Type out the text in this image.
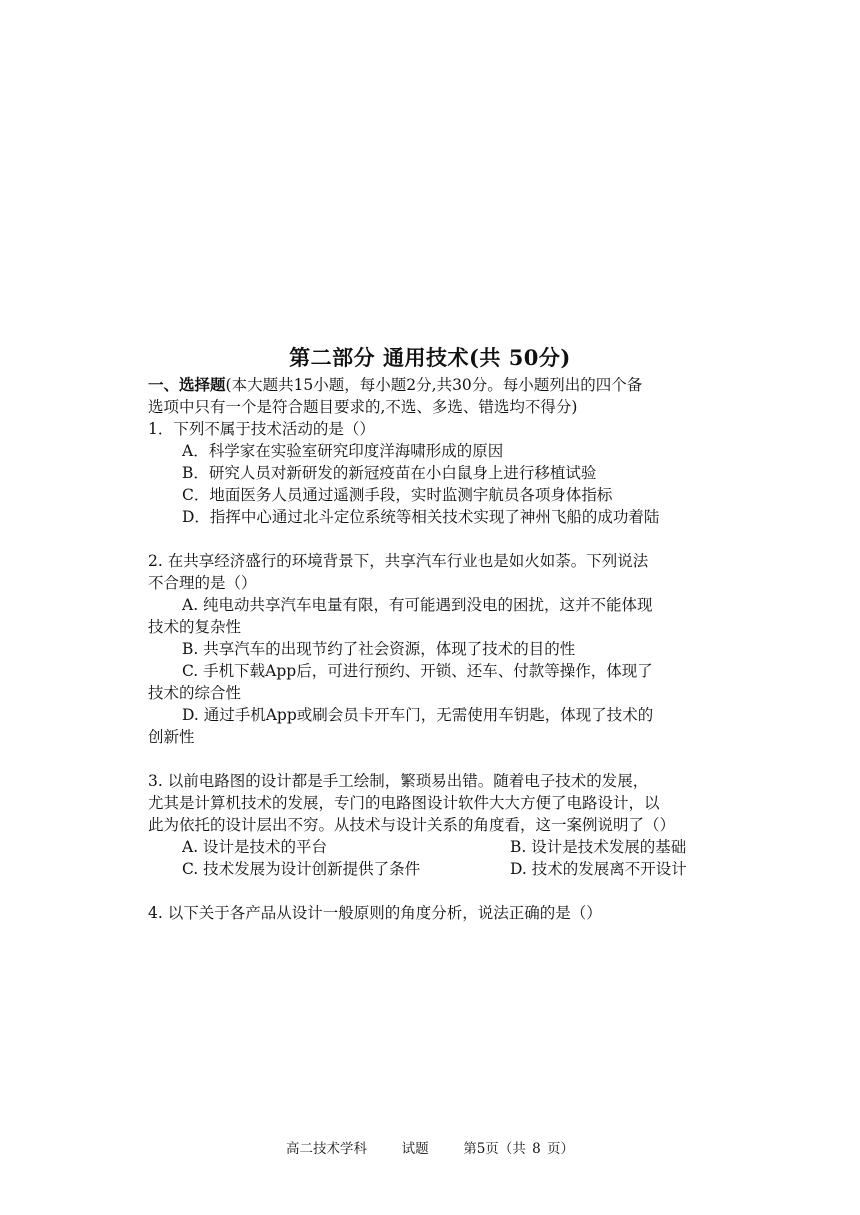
第二部分 通用技术(共 50分)
一、选择题(本大题共15小题，每小题2分,共30分。每小题列出的四个备
选项中只有一个是符合题目要求的,不选、多选、错选均不得分)
1．下列不属于技术活动的是（）
A．科学家在实验室研究印度洋海啸形成的原因
B．研究人员对新研发的新冠疫苗在小白鼠身上进行移植试验
C．地面医务人员通过遥测手段，实时监测宇航员各项身体指标
D．指挥中心通过北斗定位系统等相关技术实现了神州飞船的成功着陆
2. 在共享经济盛行的环境背景下，共享汽车行业也是如火如荼。下列说法
不合理的是（）
A. 纯电动共享汽车电量有限，有可能遇到没电的困扰，这并不能体现
技术的复杂性
B. 共享汽车的出现节约了社会资源，体现了技术的目的性
C. 手机下载App后，可进行预约、开锁、还车、付款等操作，体现了
技术的综合性
D. 通过手机App或刷会员卡开车门，无需使用车钥匙，体现了技术的
创新性
3. 以前电路图的设计都是手工绘制，繁琐易出错。随着电子技术的发展，
尤其是计算机技术的发展，专门的电路图设计软件大大方便了电路设计，以
此为依托的设计层出不穷。从技术与设计关系的角度看，这一案例说明了（）
A. 设计是技术的平台	B. 设计是技术发展的基础
C. 技术发展为设计创新提供了条件	D. 技术的发展离不开设计
4. 以下关于各产品从设计一般原则的角度分析，说法正确的是（）
高二技术学科	试题	第5页（共 8 页）
